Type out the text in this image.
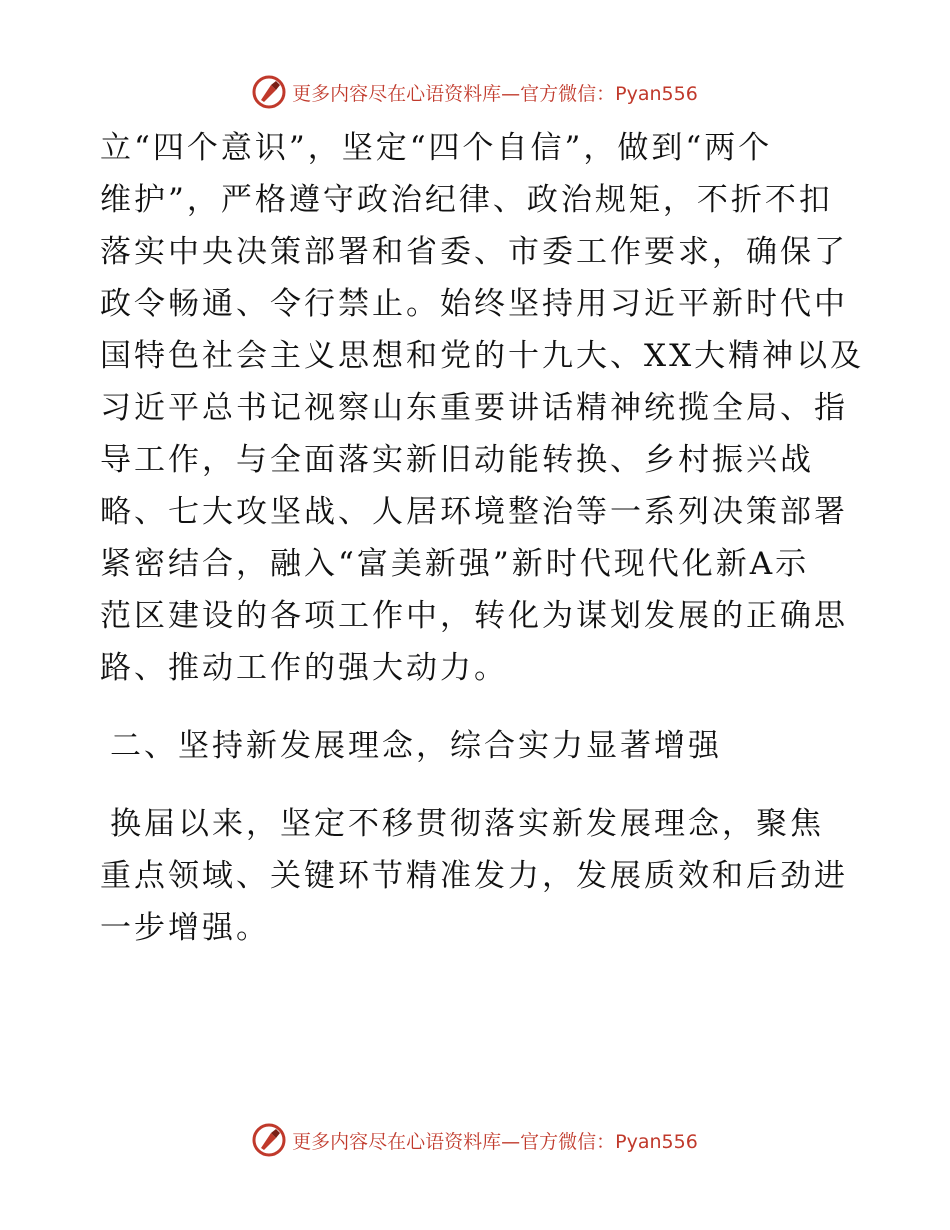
更多内容尽在心语资料库—官方微信：Pyan556
立“四个意识”，坚定“四个自信”，做到“两个
维护”，严格遵守政治纪律、政治规矩，不折不扣
落实中央决策部署和省委、市委工作要求，确保了
政令畅通、令行禁止。始终坚持用习近平新时代中
国特色社会主义思想和党的十九大、XX大精神以及
习近平总书记视察山东重要讲话精神统揽全局、指
导工作，与全面落实新旧动能转换、乡村振兴战
略、七大攻坚战、人居环境整治等一系列决策部署
紧密结合，融入“富美新强”新时代现代化新A示
范区建设的各项工作中，转化为谋划发展的正确思
路、推动工作的强大动力。
二、坚持新发展理念，综合实力显著增强
换届以来，坚定不移贯彻落实新发展理念，聚焦
重点领域、关键环节精准发力，发展质效和后劲进
一步增强。
更多内容尽在心语资料库—官方微信：Pyan556
